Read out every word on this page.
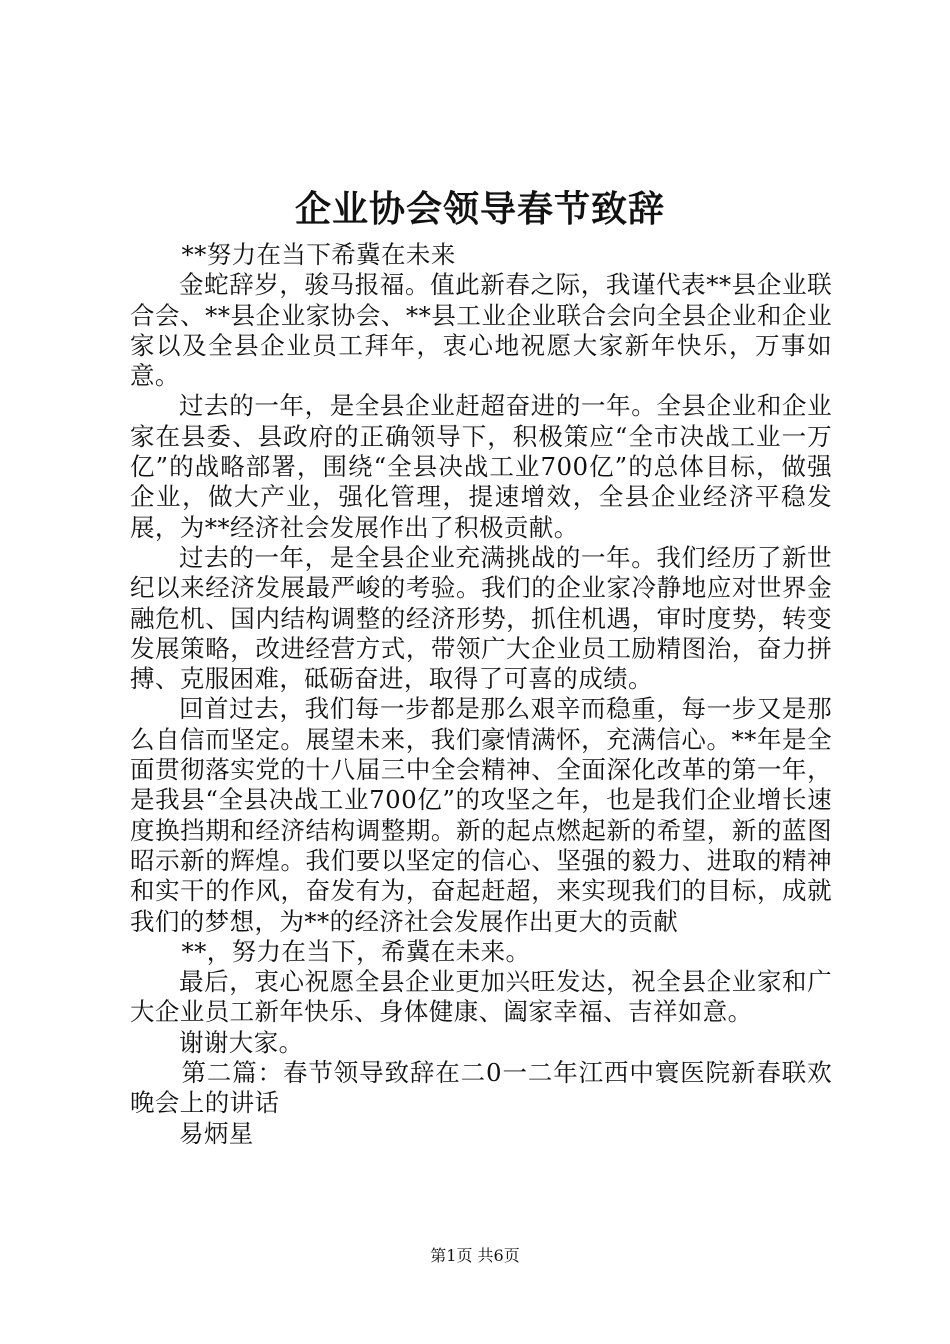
企业协会领导春节致辞

**努力在当下希冀在未来

金蛇辞岁，骏马报福。值此新春之际，我谨代表**县企业联合会、**县企业家协会、**县工业企业联合会向全县企业和企业家以及全县企业员工拜年，衷心地祝愿大家新年快乐，万事如意。

过去的一年，是全县企业赶超奋进的一年。全县企业和企业家在县委、县政府的正确领导下，积极策应“全市决战工业一万亿”的战略部署，围绕“全县决战工业700亿”的总体目标，做强企业，做大产业，强化管理，提速增效，全县企业经济平稳发展，为**经济社会发展作出了积极贡献。

过去的一年，是全县企业充满挑战的一年。我们经历了新世纪以来经济发展最严峻的考验。我们的企业家冷静地应对世界金融危机、国内结构调整的经济形势，抓住机遇，审时度势，转变发展策略，改进经营方式，带领广大企业员工励精图治，奋力拼搏、克服困难，砥砺奋进，取得了可喜的成绩。

回首过去，我们每一步都是那么艰辛而稳重，每一步又是那么自信而坚定。展望未来，我们豪情满怀，充满信心。**年是全面贯彻落实党的十八届三中全会精神、全面深化改革的第一年，是我县“全县决战工业700亿”的攻坚之年，也是我们企业增长速度换挡期和经济结构调整期。新的起点燃起新的希望，新的蓝图昭示新的辉煌。我们要以坚定的信心、坚强的毅力、进取的精神和实干的作风，奋发有为，奋起赶超，来实现我们的目标，成就我们的梦想，为**的经济社会发展作出更大的贡献

**，努力在当下，希冀在未来。

最后，衷心祝愿全县企业更加兴旺发达，祝全县企业家和广大企业员工新年快乐、身体健康、阖家幸福、吉祥如意。

谢谢大家。

第二篇：春节领导致辞在二0一二年江西中寰医院新春联欢晚会上的讲话

易炳星

第1页 共6页
